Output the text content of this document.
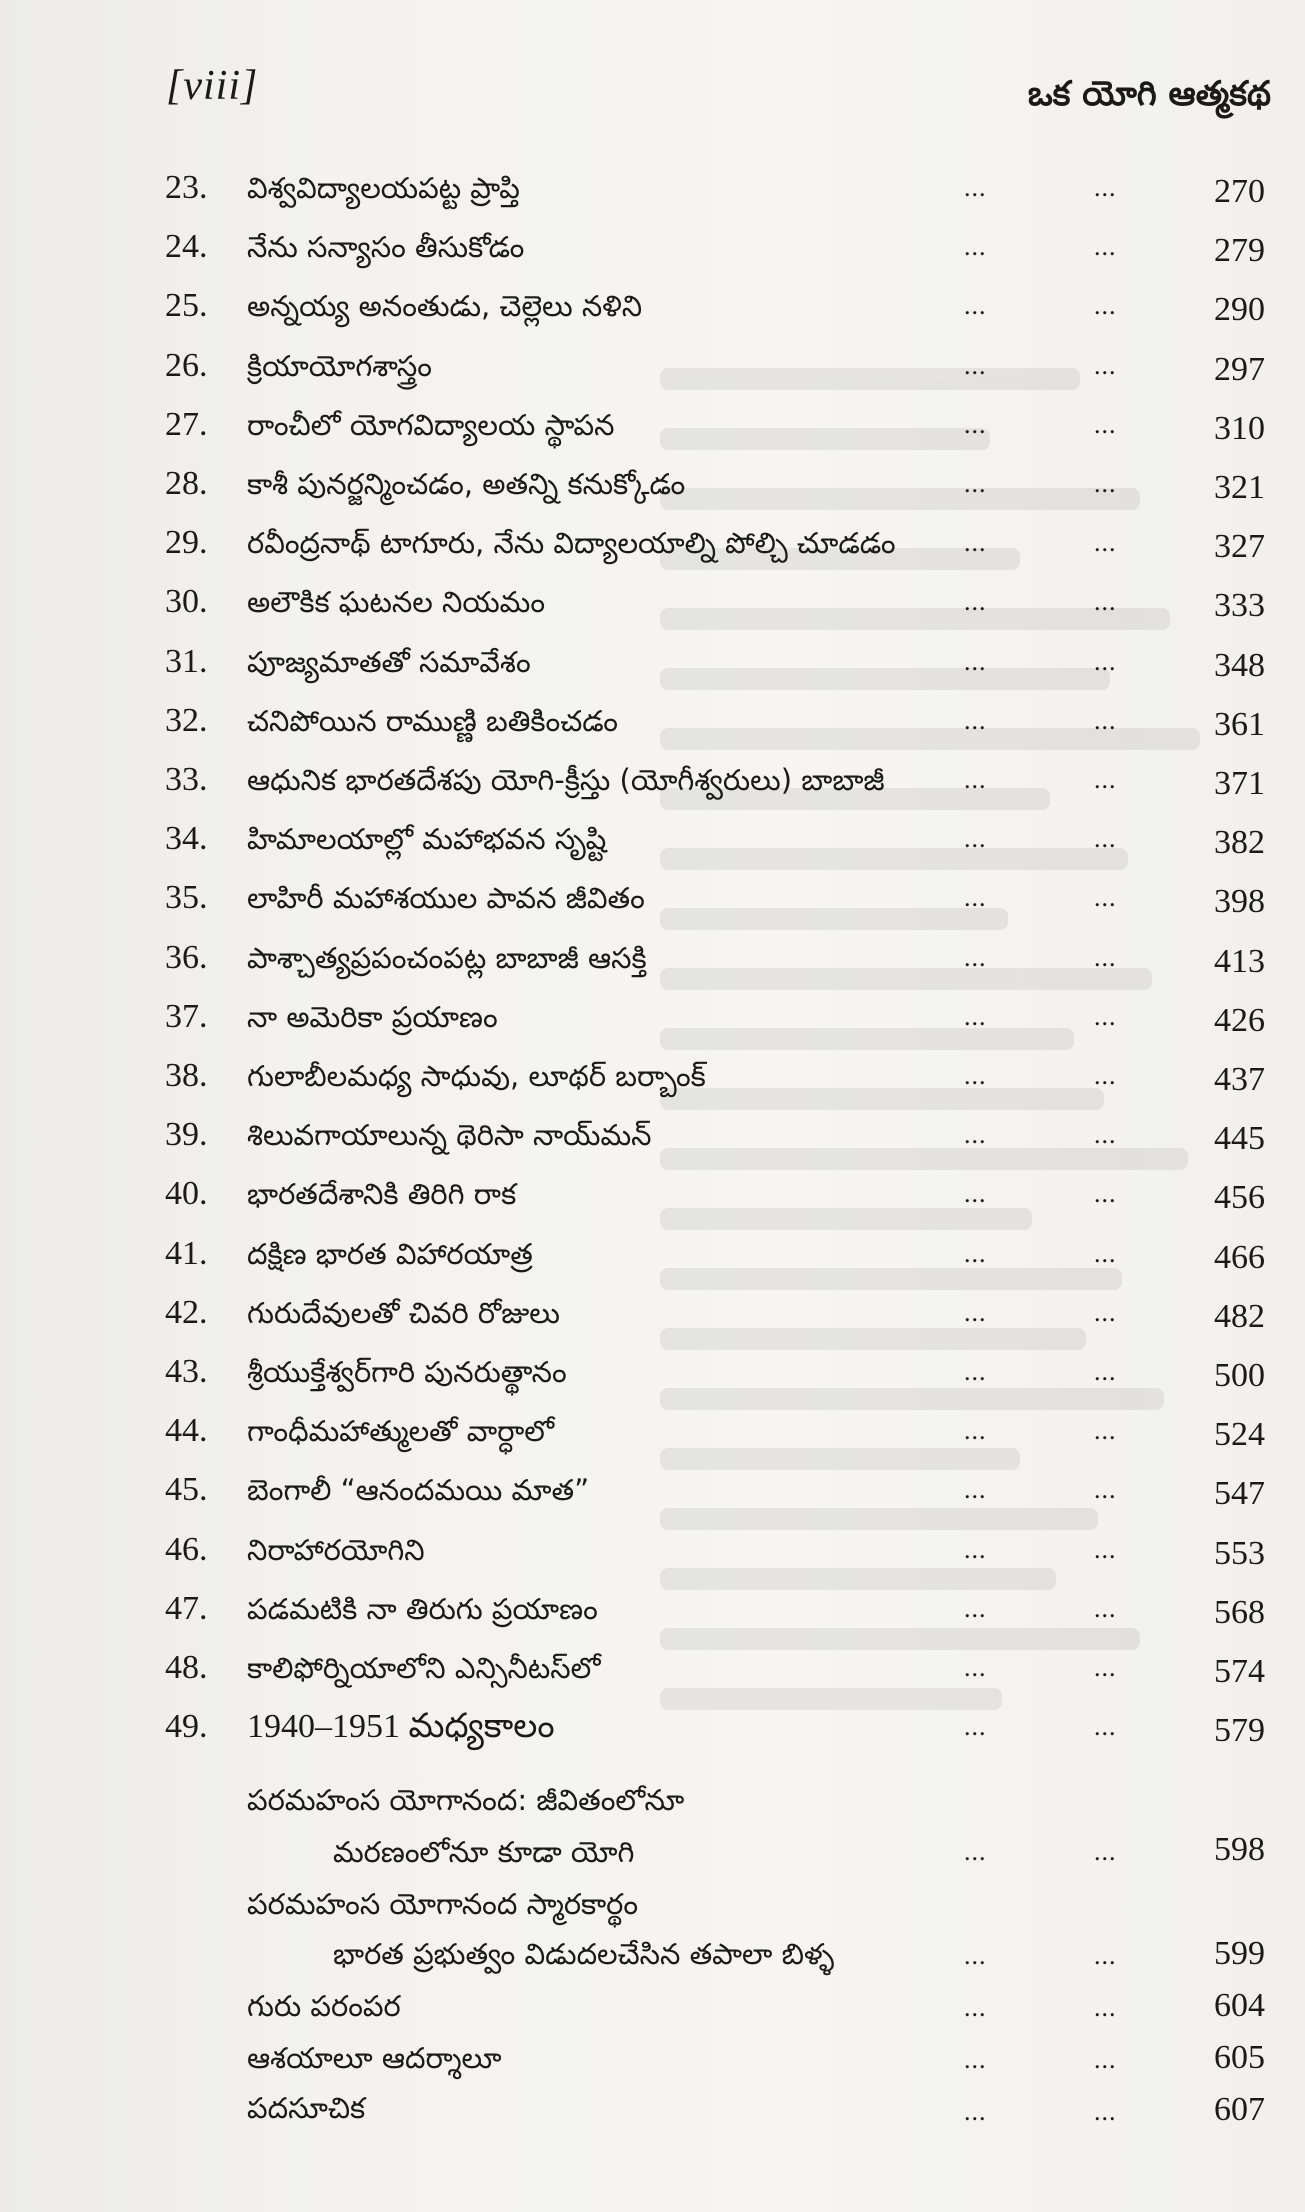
[viii]	ఒక యోగి ఆత్మకథ
23.	విశ్వవిద్యాలయపట్ట ప్రాప్తి	...	...	270
24.	నేను సన్యాసం తీసుకోడం	...	...	279
25.	అన్నయ్య అనంతుడు, చెల్లెలు నళిని	...	...	290
26.	క్రియాయోగశాస్త్రం	...	...	297
27.	రాంచీలో యోగవిద్యాలయ స్థాపన	...	...	310
28.	కాశీ పునర్జన్మించడం, అతన్ని కనుక్కోడం	...	...	321
29.	రవీంద్రనాథ్ టాగూరు, నేను విద్యాలయాల్ని పోల్చి చూడడం	...	...	327
30.	అలౌకిక ఘటనల నియమం	...	...	333
31.	పూజ్యమాతతో సమావేశం	...	...	348
32.	చనిపోయిన రాముణ్ణి బతికించడం	...	...	361
33.	ఆధునిక భారతదేశపు యోగి-క్రీస్తు (యోగీశ్వరులు) బాబాజీ	...	...	371
34.	హిమాలయాల్లో మహాభవన సృష్టి	...	...	382
35.	లాహిరీ మహాశయుల పావన జీవితం	...	...	398
36.	పాశ్చాత్యప్రపంచంపట్ల బాబాజీ ఆసక్తి	...	...	413
37.	నా అమెరికా ప్రయాణం	...	...	426
38.	గులాబీలమధ్య సాధువు, లూథర్ బర్బాంక్	...	...	437
39.	శిలువగాయాలున్న థెరిసా నాయ్‌మన్	...	...	445
40.	భారతదేశానికి తిరిగి రాక	...	...	456
41.	దక్షిణ భారత విహారయాత్ర	...	...	466
42.	గురుదేవులతో చివరి రోజులు	...	...	482
43.	శ్రీయుక్తేశ్వర్‌గారి పునరుత్థానం	...	...	500
44.	గాంధీమహాత్ములతో వార్ధాలో	...	...	524
45.	బెంగాలీ “ఆనందమయి మాత”	...	...	547
46.	నిరాహారయోగిని	...	...	553
47.	పడమటికి నా తిరుగు ప్రయాణం	...	...	568
48.	కాలిఫోర్నియాలోని ఎన్సినీటస్‌లో	...	...	574
49.	1940–1951 మధ్యకాలం	...	...	579
పరమహంస యోగానంద: జీవితంలోనూ
మరణంలోనూ కూడా యోగి	...	...	598
పరమహంస యోగానంద స్మారకార్థం
భారత ప్రభుత్వం విడుదలచేసిన తపాలా బిళ్ళ	...	...	599
గురు పరంపర	...	...	604
ఆశయాలూ ఆదర్శాలూ	...	...	605
పదసూచిక	...	...	607
